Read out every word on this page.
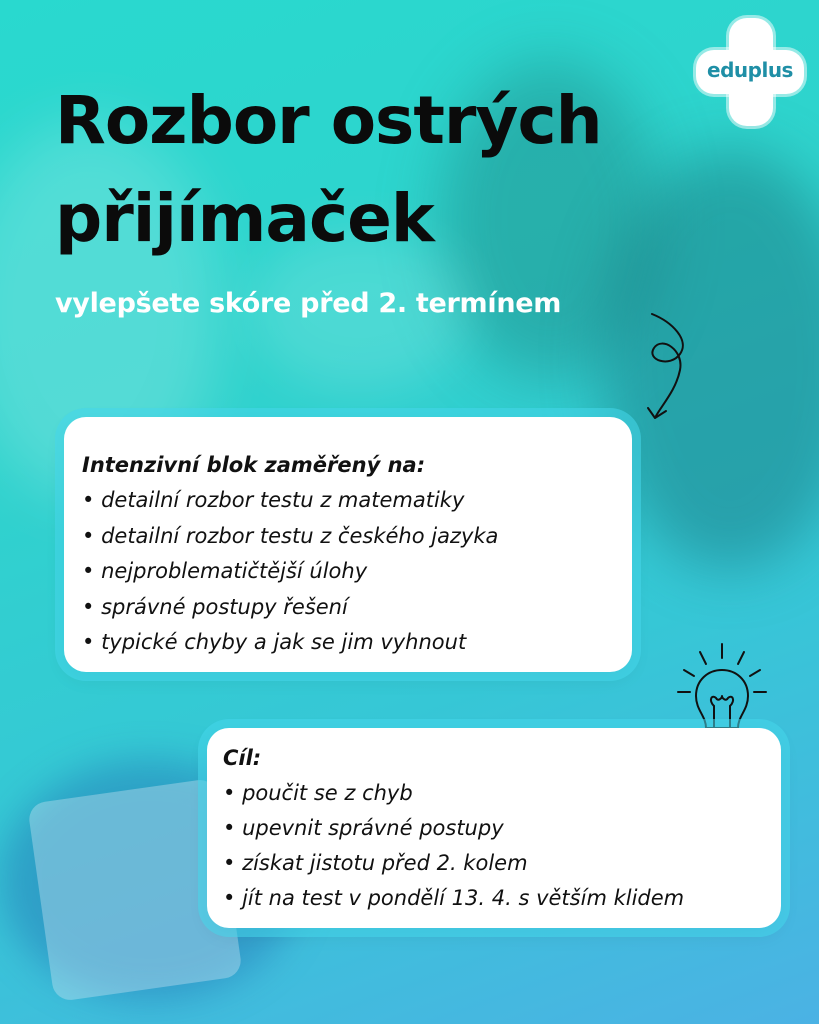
eduplus
Rozbor ostrých
přijímaček

vylepšete skóre před 2. termínem

Intenzivní blok zaměřený na:
• detailní rozbor testu z matematiky
• detailní rozbor testu z českého jazyka
• nejproblematičtější úlohy
• správné postupy řešení
• typické chyby a jak se jim vyhnout
Cíl:
• poučit se z chyb
• upevnit správné postupy
• získat jistotu před 2. kolem
• jít na test v pondělí 13. 4. s větším klidem
